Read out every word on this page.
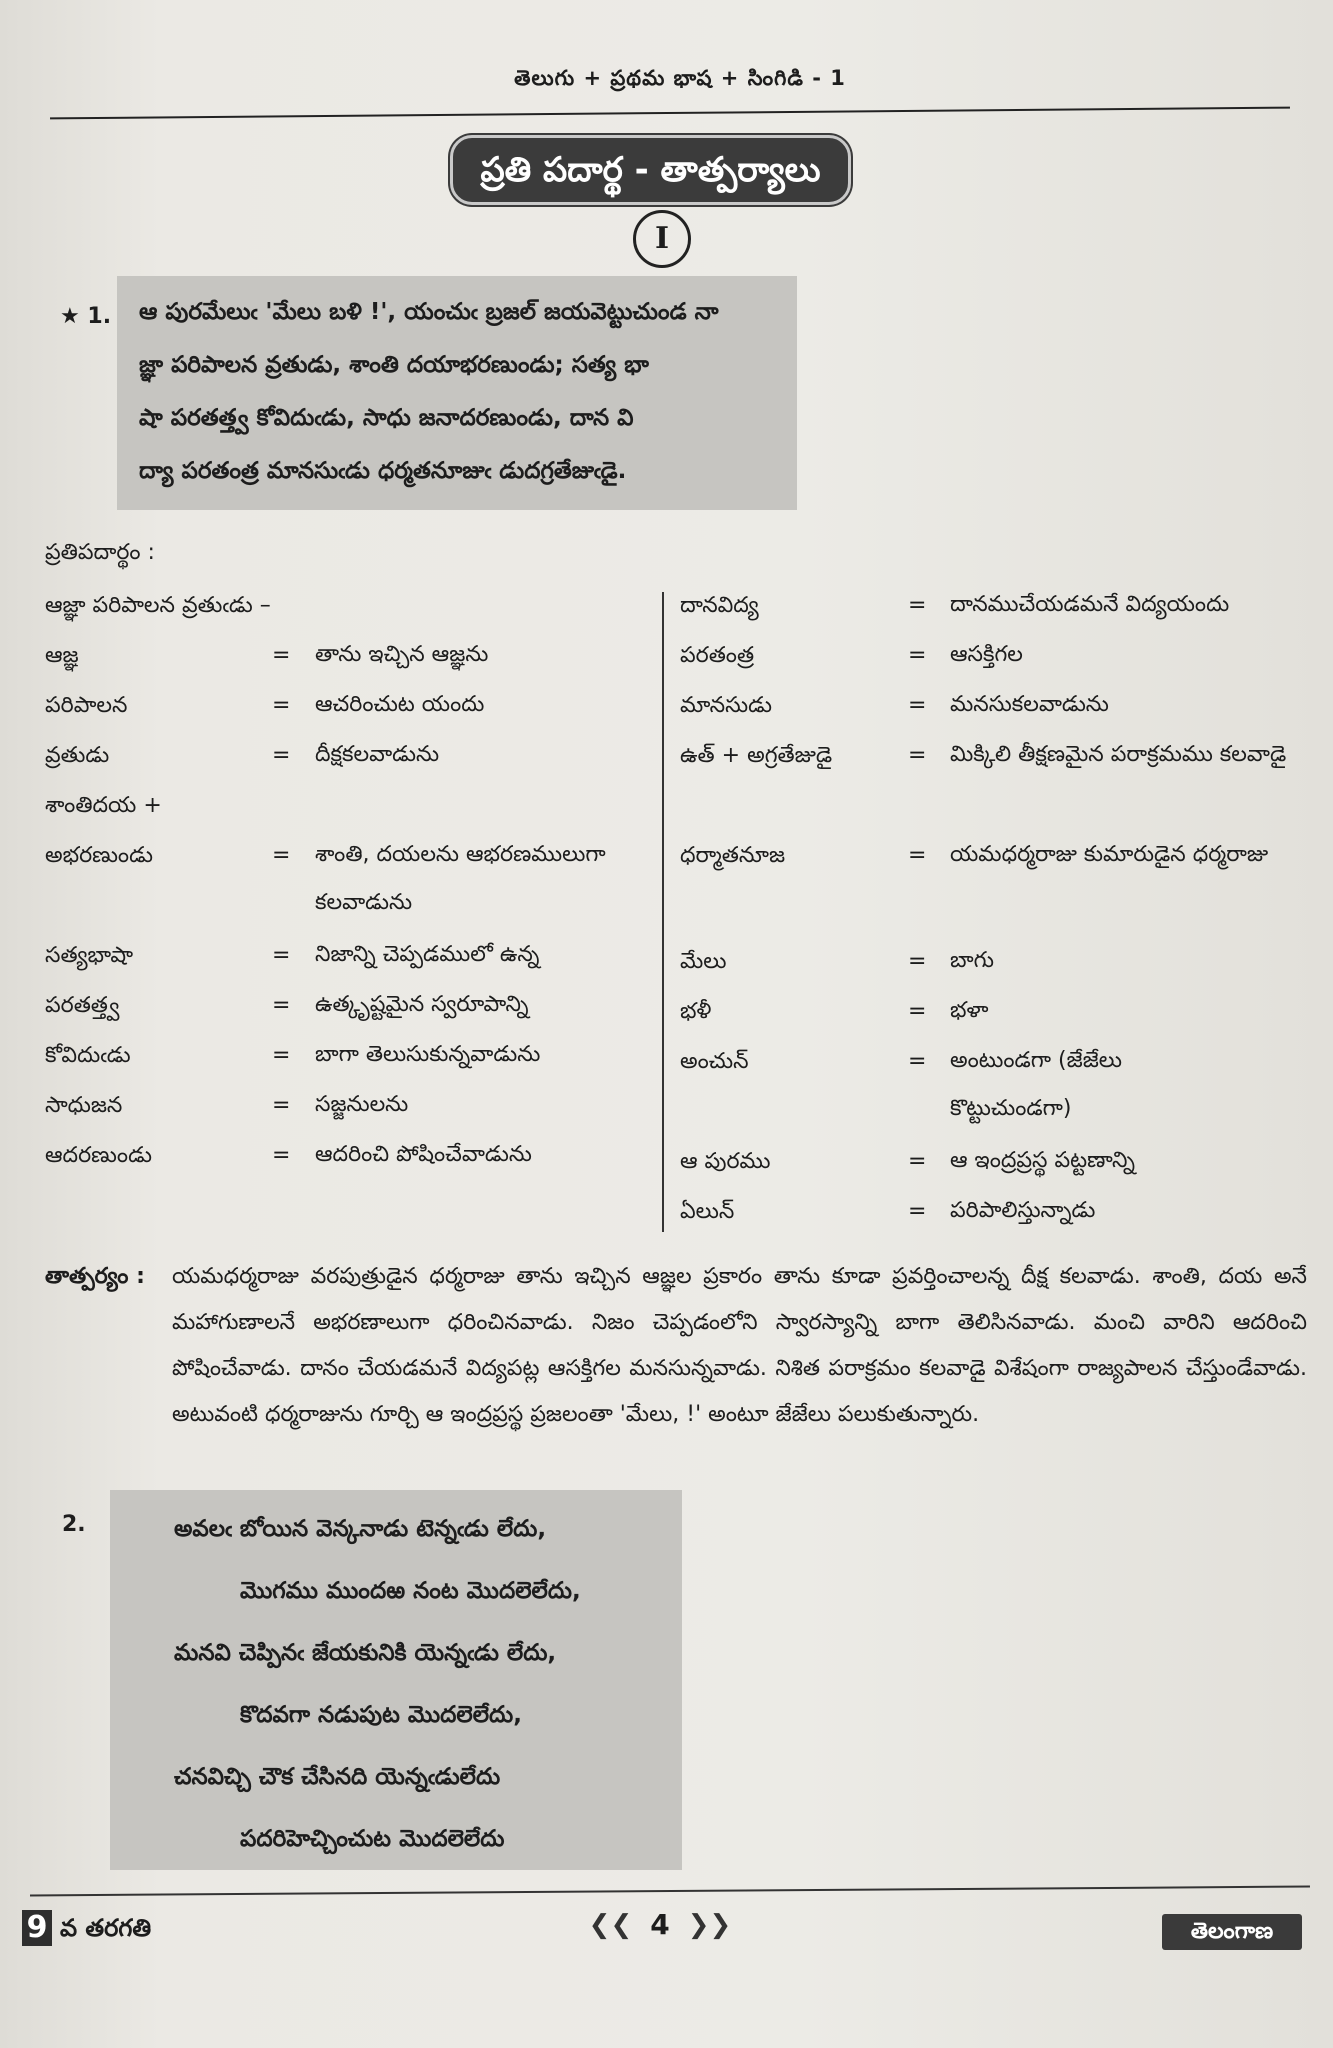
తెలుగు + ప్రథమ భాష + సింగిడి - 1
ప్రతి పదార్థ - తాత్పర్యాలు
I
★ 1. ఆ పురమేలుఁ 'మేలు బళి !', యంచుఁ బ్రజల్ జయవెట్టుచుండ నా
జ్ఞా పరిపాలన వ్రతుడు, శాంతి దయాభరణుండు; సత్య భా
షా పరతత్త్వ కోవిదుఁడు, సాధు జనాదరణుండు, దాన వి
ద్యా పరతంత్ర మానసుఁడు ధర్మతనూజుఁ డుదగ్రతేజుఁడై.
ప్రతిపదార్థం :
ఆజ్ఞా పరిపాలన వ్రతుఁడు –
ఆజ్ఞ	= తాను ఇచ్చిన ఆజ్ఞను
పరిపాలన	= ఆచరించుట యందు
వ్రతుడు	= దీక్షకలవాడును
శాంతిదయ +
అభరణుండు	= శాంతి, దయలను ఆభరణములుగా కలవాడును
సత్యభాషా	= నిజాన్ని చెప్పడములో ఉన్న
పరతత్త్వ	= ఉత్కృష్టమైన స్వరూపాన్ని
కోవిదుఁడు	= బాగా తెలుసుకున్నవాడును
సాధుజన	= సజ్జనులను
ఆదరణుండు	= ఆదరించి పోషించేవాడును
దానవిద్య	= దానముచేయడమనే విద్యయందు
పరతంత్ర	= ఆసక్తిగల
మానసుడు	= మనసుకలవాడును
ఉత్ + అగ్రతేజుడై	= మిక్కిలి తీక్షణమైన పరాక్రమము కలవాడై
ధర్మాతనూజ	= యమధర్మరాజు కుమారుడైన ధర్మరాజు
మేలు	= బాగు
భళీ	= భళా
అంచున్	= అంటుండగా (జేజేలు కొట్టుచుండగా)
ఆ పురము	= ఆ ఇంద్రప్రస్థ పట్టణాన్ని
ఏలున్	= పరిపాలిస్తున్నాడు
తాత్పర్యం : యమధర్మరాజు వరపుత్రుడైన ధర్మరాజు తాను ఇచ్చిన ఆజ్ఞల ప్రకారం తాను కూడా ప్రవర్తించాలన్న దీక్ష కలవాడు. శాంతి, దయ అనే మహాగుణాలనే అభరణాలుగా ధరించినవాడు. నిజం చెప్పడంలోని స్వారస్యాన్ని బాగా తెలిసినవాడు. మంచి వారిని ఆదరించి పోషించేవాడు. దానం చేయడమనే విద్యపట్ల ఆసక్తిగల మనసున్నవాడు. నిశిత పరాక్రమం కలవాడై విశేషంగా రాజ్యపాలన చేస్తుండేవాడు. అటువంటి ధర్మరాజును గూర్చి ఆ ఇంద్రప్రస్థ ప్రజలంతా 'మేలు, !' అంటూ జేజేలు పలుకుతున్నారు.
2.	అవలఁ బోయిన వెన్కనాడు టెన్నఁడు లేదు,
మొగము ముందఱ నంట మొదలెలేదు,
మనవి చెప్పినఁ జేయకునికి యెన్నఁడు లేదు,
కొదవగా నడుపుట మొదలెలేదు,
చనవిచ్చి చౌక చేసినది యెన్నఁడులేదు
పదరిహెచ్చించుట మొదలెలేదు
9 వ తరగతి	❮❮ 4 ❯❯	తెలంగాణ
